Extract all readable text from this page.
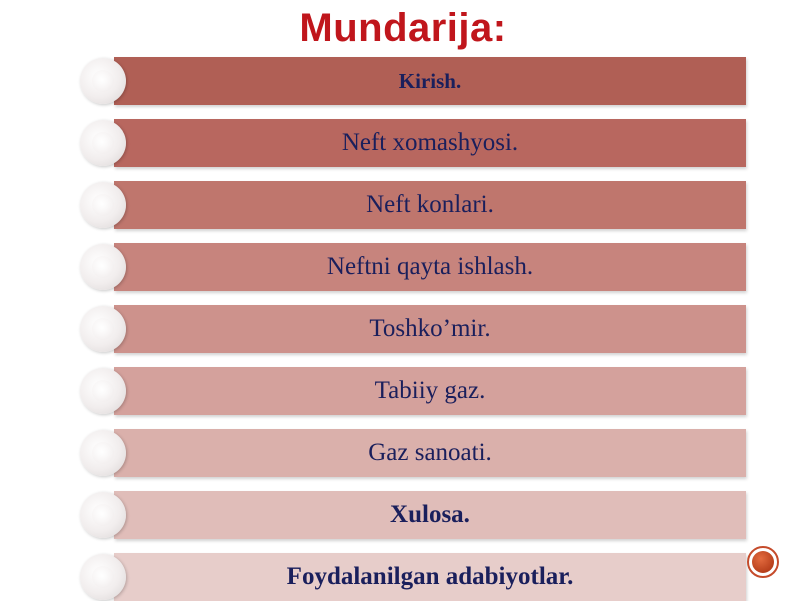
Mundarija:
Kirish.
Neft xomashyosi.
Neft konlari.
Neftni qayta ishlash.
Toshko’mir.
Tabiiy gaz.
Gaz sanoati.
Xulosa.
Foydalanilgan adabiyotlar.
